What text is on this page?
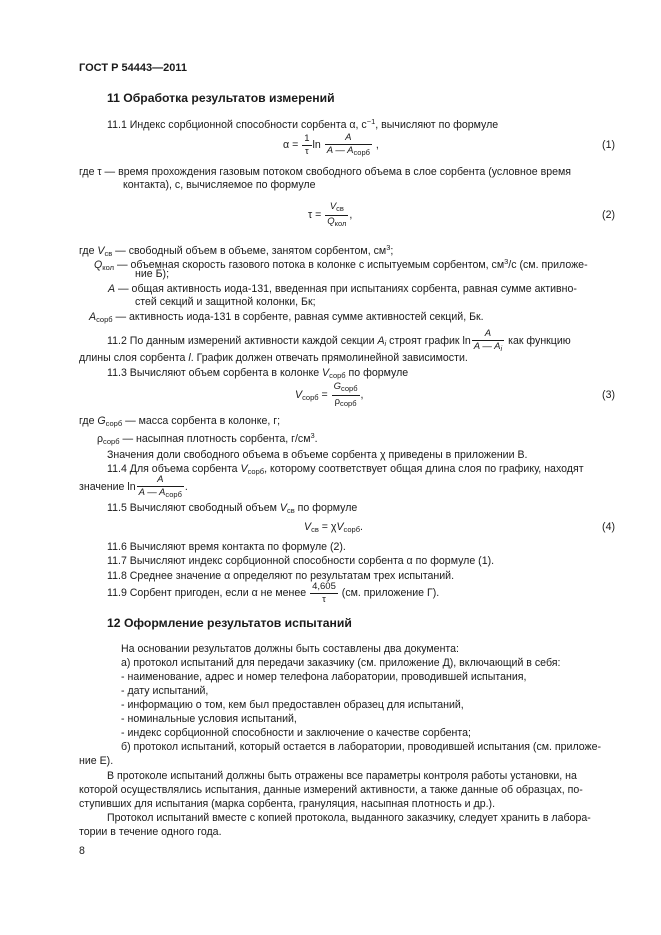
ГОСТ Р 54443—2011
11 Обработка результатов измерений
11.1 Индекс сорбционной способности сорбента α, $с^{-1}$, вычисляют по формуле
$\alpha = \frac{1}{\tau}$ $\ln \frac{A}{A — A_{сорб}}$ ,	(1)
где τ — время прохождения газовым потоком свободного объема в слое сорбента (условное время
контакта), с, вычисляемое по формуле
$\tau = \frac{V_{св}}{Q_{кол}}$ ,	(2)
где $V_{св}$ — свободный объем в объеме, занятом сорбентом, $см^3$;
$Q_{кол}$ — объемная скорость газового потока в колонке с испытуемым сорбентом, $см^3/с$ (см. приложе-
ние Б);
A — общая активность иода-131, введенная при испытаниях сорбента, равная сумме активно-
стей секций и защитной колонки, Бк;
$A_{сорб}$ — активность иода-131 в сорбенте, равная сумме активностей секций, Бк.
11.2 По данным измерений активности каждой секции $A_i$ строят график $\ln \frac{A}{A — A_i}$ как функцию
длины слоя сорбента l. График должен отвечать прямолинейной зависимости.
11.3 Вычисляют объем сорбента в колонке $V_{сорб}$ по формуле
$V_{сорб} = \frac{G_{сорб}}{\rho_{сорб}}$ ,	(3)
где $G_{сорб}$ — масса сорбента в колонке, г;
$\rho_{сорб}$ — насыпная плотность сорбента, $г/см^3$.
Значения доли свободного объема в объеме сорбента χ приведены в приложении В.
11.4 Для объема сорбента $V_{сорб}$, которому соответствует общая длина слоя по графику, находят
значение $\ln \frac{A}{A — A_{сорб}}$ .
11.5 Вычисляют свободный объем $V_{св}$ по формуле
$V_{св} = \chi V_{сорб}$.	(4)
11.6 Вычисляют время контакта по формуле (2).
11.7 Вычисляют индекс сорбционной способности сорбента α по формуле (1).
11.8 Среднее значение α определяют по результатам трех испытаний.
11.9 Сорбент пригоден, если α не менее $\frac{4,605}{\tau} (см$. приложение Г).
12 Оформление результатов испытаний
На основании результатов должны быть составлены два документа:
а) протокол испытаний для передачи заказчику (см. приложение Д), включающий в себя:
- наименование, адрес и номер телефона лаборатории, проводившей испытания,
- дату испытаний,
- информацию о том, кем был предоставлен образец для испытаний,
- номинальные условия испытаний,
- индекс сорбционной способности и заключение о качестве сорбента;
б) протокол испытаний, который остается в лаборатории, проводившей испытания (см. приложе-
ние Е).
В протоколе испытаний должны быть отражены все параметры контроля работы установки, на
которой осуществлялись испытания, данные измерений активности, а также данные об образцах, по-
ступивших для испытания (марка сорбента, грануляция, насыпная плотность и др.).
Протокол испытаний вместе с копией протокола, выданного заказчику, следует хранить в лабора-
тории в течение одного года.
8
